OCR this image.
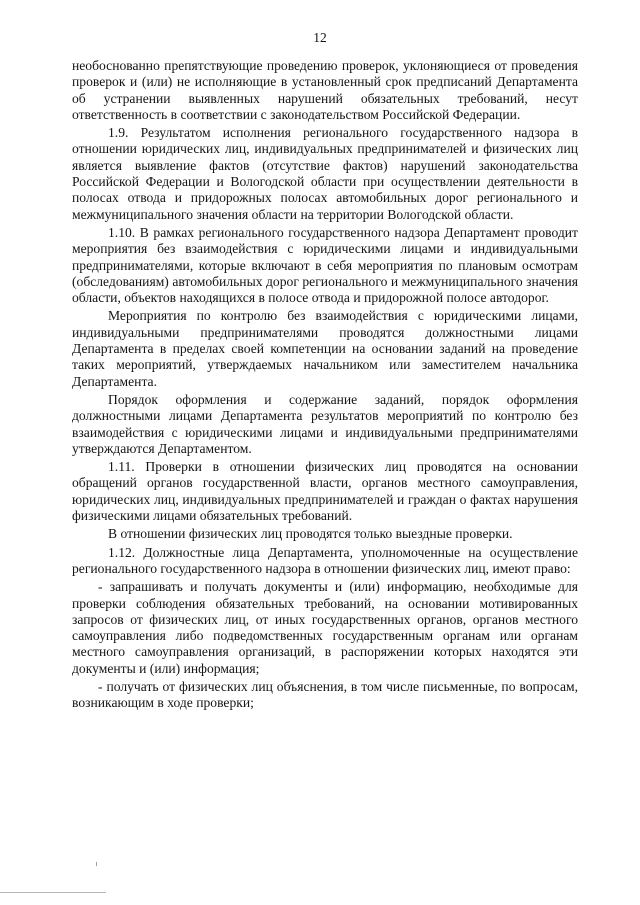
12

необоснованно препятствующие проведению проверок, уклоняющиеся от проведения проверок и (или) не исполняющие в установленный срок предписаний Департамента об устранении выявленных нарушений обязательных требований, несут ответственность в соответствии с законодательством Российской Федерации.

1.9. Результатом исполнения регионального государственного надзора в отношении юридических лиц, индивидуальных предпринимателей и физических лиц является выявление фактов (отсутствие фактов) нарушений законодательства Российской Федерации и Вологодской области при осуществлении деятельности в полосах отвода и придорожных полосах автомобильных дорог регионального и межмуниципального значения области на территории Вологодской области.

1.10. В рамках регионального государственного надзора Департамент проводит мероприятия без взаимодействия с юридическими лицами и индивидуальными предпринимателями, которые включают в себя мероприятия по плановым осмотрам (обследованиям) автомобильных дорог регионального и межмуниципального значения области, объектов находящихся в полосе отвода и придорожной полосе автодорог.

Мероприятия по контролю без взаимодействия с юридическими лицами, индивидуальными предпринимателями проводятся должностными лицами Департамента в пределах своей компетенции на основании заданий на проведение таких мероприятий, утверждаемых начальником или заместителем начальника Департамента.

Порядок оформления и содержание заданий, порядок оформления должностными лицами Департамента результатов мероприятий по контролю без взаимодействия с юридическими лицами и индивидуальными предпринимателями утверждаются Департаментом.

1.11. Проверки в отношении физических лиц проводятся на основании обращений органов государственной власти, органов местного самоуправления, юридических лиц, индивидуальных предпринимателей и граждан о фактах нарушения физическими лицами обязательных требований.

В отношении физических лиц проводятся только выездные проверки.

1.12. Должностные лица Департамента, уполномоченные на осуществление регионального государственного надзора в отношении физических лиц, имеют право:

- запрашивать и получать документы и (или) информацию, необходимые для проверки соблюдения обязательных требований, на основании мотивированных запросов от физических лиц, от иных государственных органов, органов местного самоуправления либо подведомственных государственным органам или органам местного самоуправления организаций, в распоряжении которых находятся эти документы и (или) информация;

- получать от физических лиц объяснения, в том числе письменные, по вопросам, возникающим в ходе проверки;
